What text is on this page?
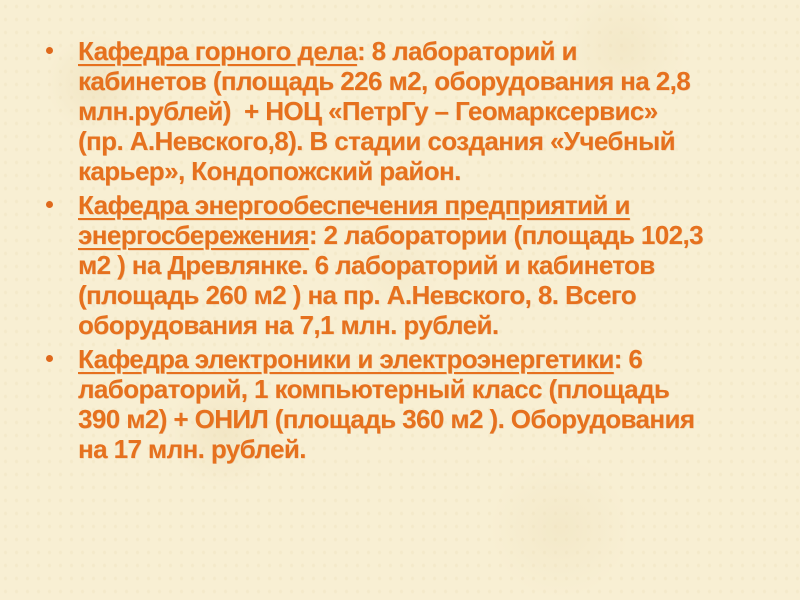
Кафедра горного дела: 8 лабораторий и
кабинетов (площадь 226 м2, оборудования на 2,8
млн.рублей)  + НОЦ «ПетрГу – Геомарксервис»
(пр. А.Невского,8). В стадии создания «Учебный
карьер», Кондопожский район.
Кафедра энергообеспечения предприятий и
энергосбережения: 2 лаборатории (площадь 102,3
м2 ) на Древлянке. 6 лабораторий и кабинетов
(площадь 260 м2 ) на пр. А.Невского, 8. Всего
оборудования на 7,1 млн. рублей.
Кафедра электроники и электроэнергетики: 6
лабораторий, 1 компьютерный класс (площадь
390 м2) + ОНИЛ (площадь 360 м2 ). Оборудования
на 17 млн. рублей.
